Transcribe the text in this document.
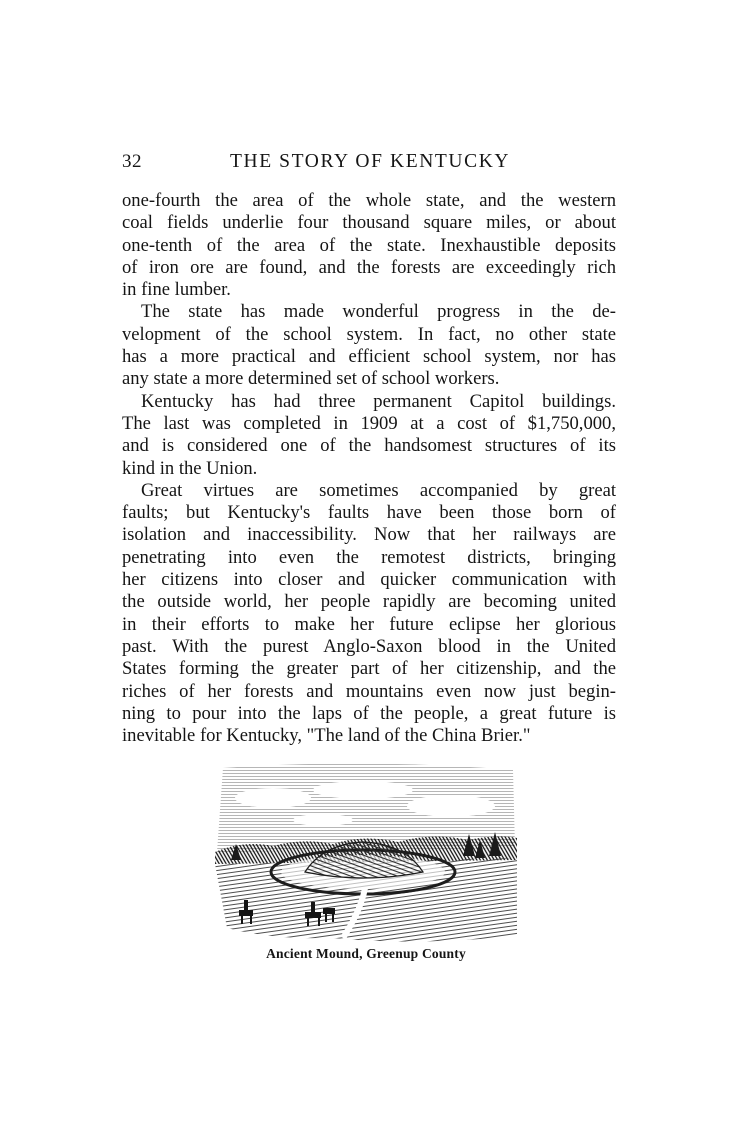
32	THE STORY OF KENTUCKY
one-fourth the area of the whole state, and the western
coal fields underlie four thousand square miles, or about
one-tenth of the area of the state. Inexhaustible deposits
of iron ore are found, and the forests are exceedingly rich
in fine lumber.
The state has made wonderful progress in the de-
velopment of the school system. In fact, no other state
has a more practical and efficient school system, nor has
any state a more determined set of school workers.
Kentucky has had three permanent Capitol buildings.
The last was completed in 1909 at a cost of $1,750,000,
and is considered one of the handsomest structures of its
kind in the Union.
Great virtues are sometimes accompanied by great
faults; but Kentucky's faults have been those born of
isolation and inaccessibility. Now that her railways are
penetrating into even the remotest districts, bringing
her citizens into closer and quicker communication with
the outside world, her people rapidly are becoming united
in their efforts to make her future eclipse her glorious
past. With the purest Anglo-Saxon blood in the United
States forming the greater part of her citizenship, and the
riches of her forests and mountains even now just begin-
ning to pour into the laps of the people, a great future is
inevitable for Kentucky, "The land of the China Brier."
Ancient Mound, Greenup County
